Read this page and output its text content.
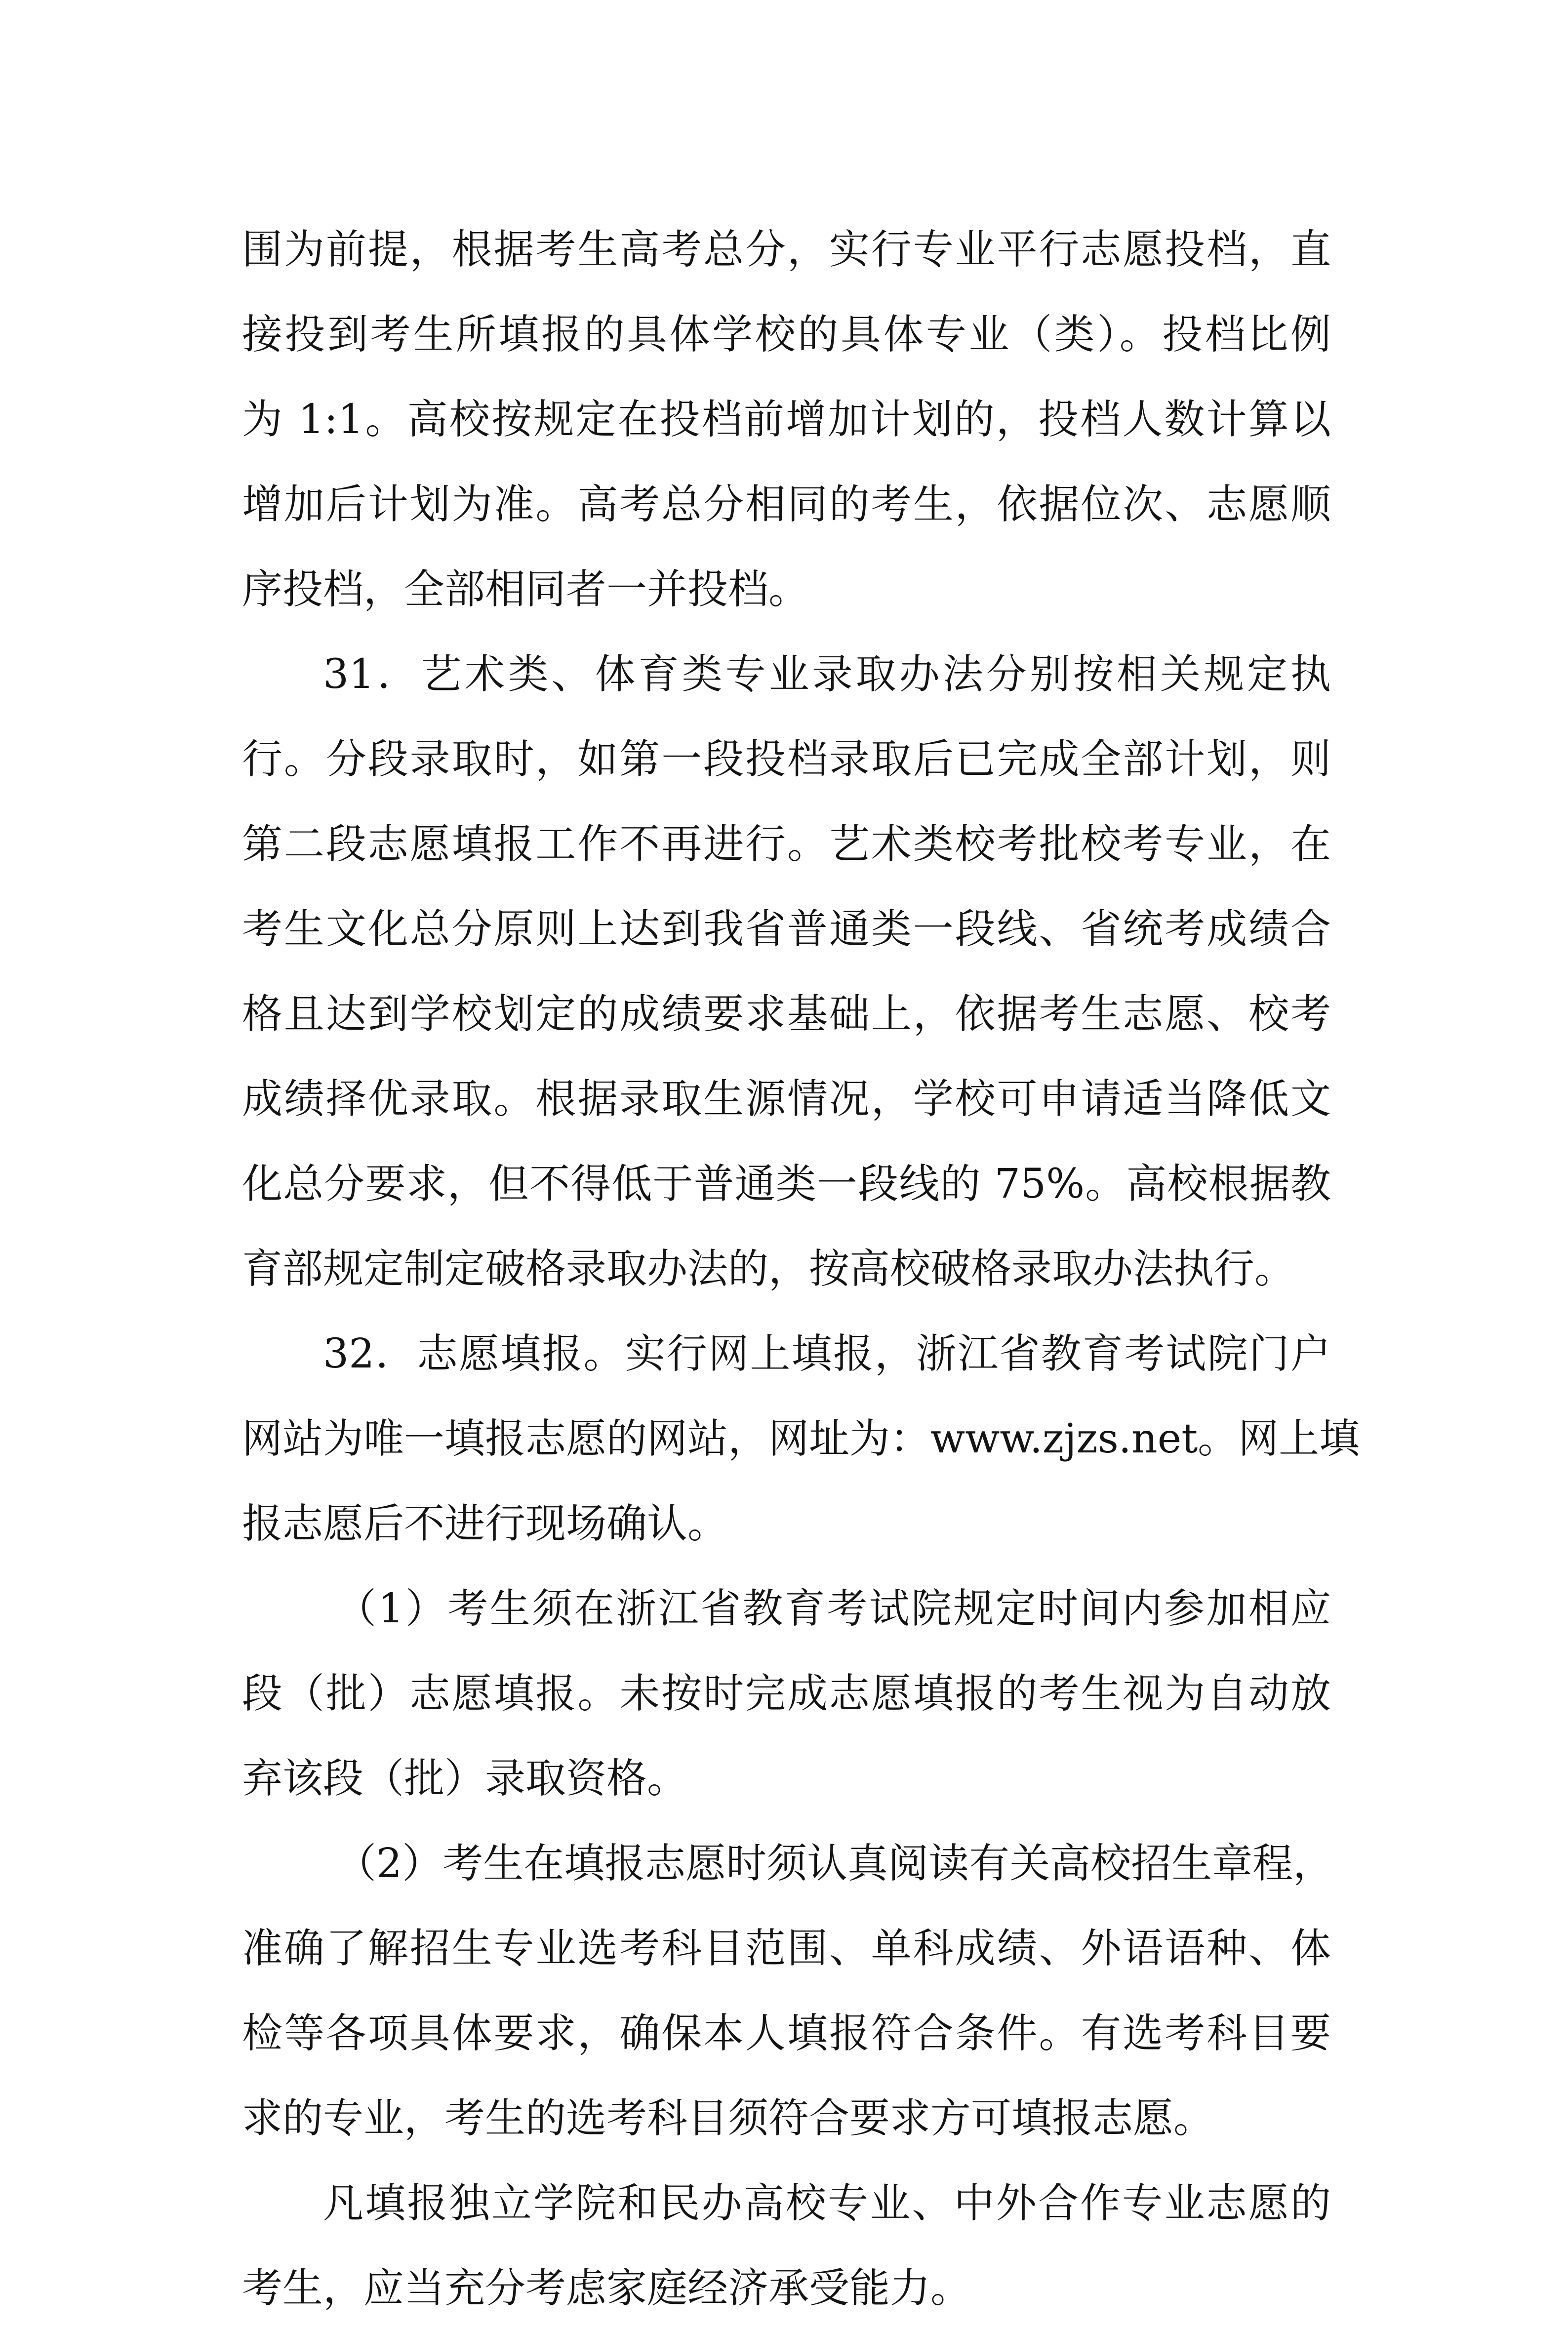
围为前提，根据考生高考总分，实行专业平行志愿投档，直
接投到考生所填报的具体学校的具体专业（类）。投档比例
为 1:1。高校按规定在投档前增加计划的，投档人数计算以
增加后计划为准。高考总分相同的考生，依据位次、志愿顺
序投档，全部相同者一并投档。
31．艺术类、体育类专业录取办法分别按相关规定执
行。分段录取时，如第一段投档录取后已完成全部计划，则
第二段志愿填报工作不再进行。艺术类校考批校考专业，在
考生文化总分原则上达到我省普通类一段线、省统考成绩合
格且达到学校划定的成绩要求基础上，依据考生志愿、校考
成绩择优录取。根据录取生源情况，学校可申请适当降低文
化总分要求，但不得低于普通类一段线的 75%。高校根据教
育部规定制定破格录取办法的，按高校破格录取办法执行。
32．志愿填报。实行网上填报，浙江省教育考试院门户
网站为唯一填报志愿的网站，网址为：www.zjzs.net。网上填
报志愿后不进行现场确认。
（1）考生须在浙江省教育考试院规定时间内参加相应
段（批）志愿填报。未按时完成志愿填报的考生视为自动放
弃该段（批）录取资格。
（2）考生在填报志愿时须认真阅读有关高校招生章程，
准确了解招生专业选考科目范围、单科成绩、外语语种、体
检等各项具体要求，确保本人填报符合条件。有选考科目要
求的专业，考生的选考科目须符合要求方可填报志愿。
凡填报独立学院和民办高校专业、中外合作专业志愿的
考生，应当充分考虑家庭经济承受能力。
